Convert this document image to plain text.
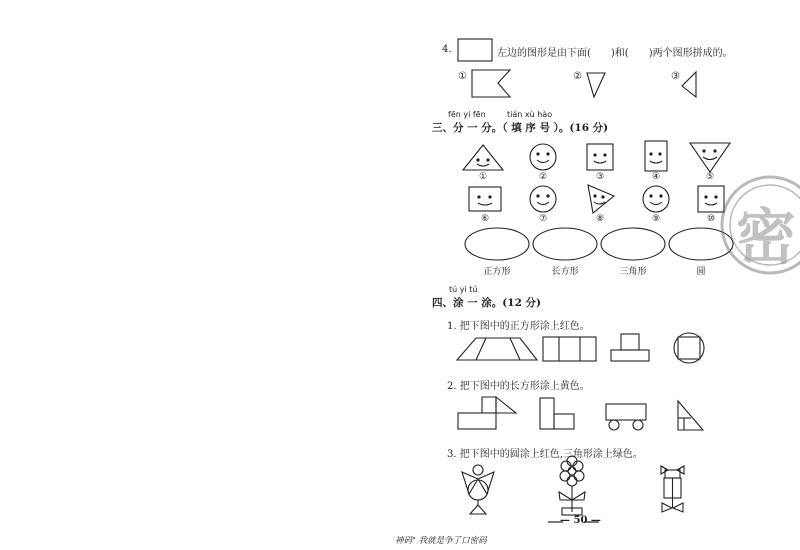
密
4.	左边的图形是由下面(　　)和(　　)两个图形拼成的。
①	②	③
fēn yi fēn	tián xù hào
三、分 一 分。（ 填 序 号 ）。(16 分)
①	②	③	④	⑤
⑥	⑦	⑧	⑨	⑩
正方形	长方形	三角形	圆
tú yi tú
四、涂 一 涂。(12 分)
1. 把下图中的正方形涂上红色。
2. 把下图中的长方形涂上黄色。
3. 把下图中的圆涂上红色,三角形涂上绿色。
— 50 —
神码" 我就是争了口密码
